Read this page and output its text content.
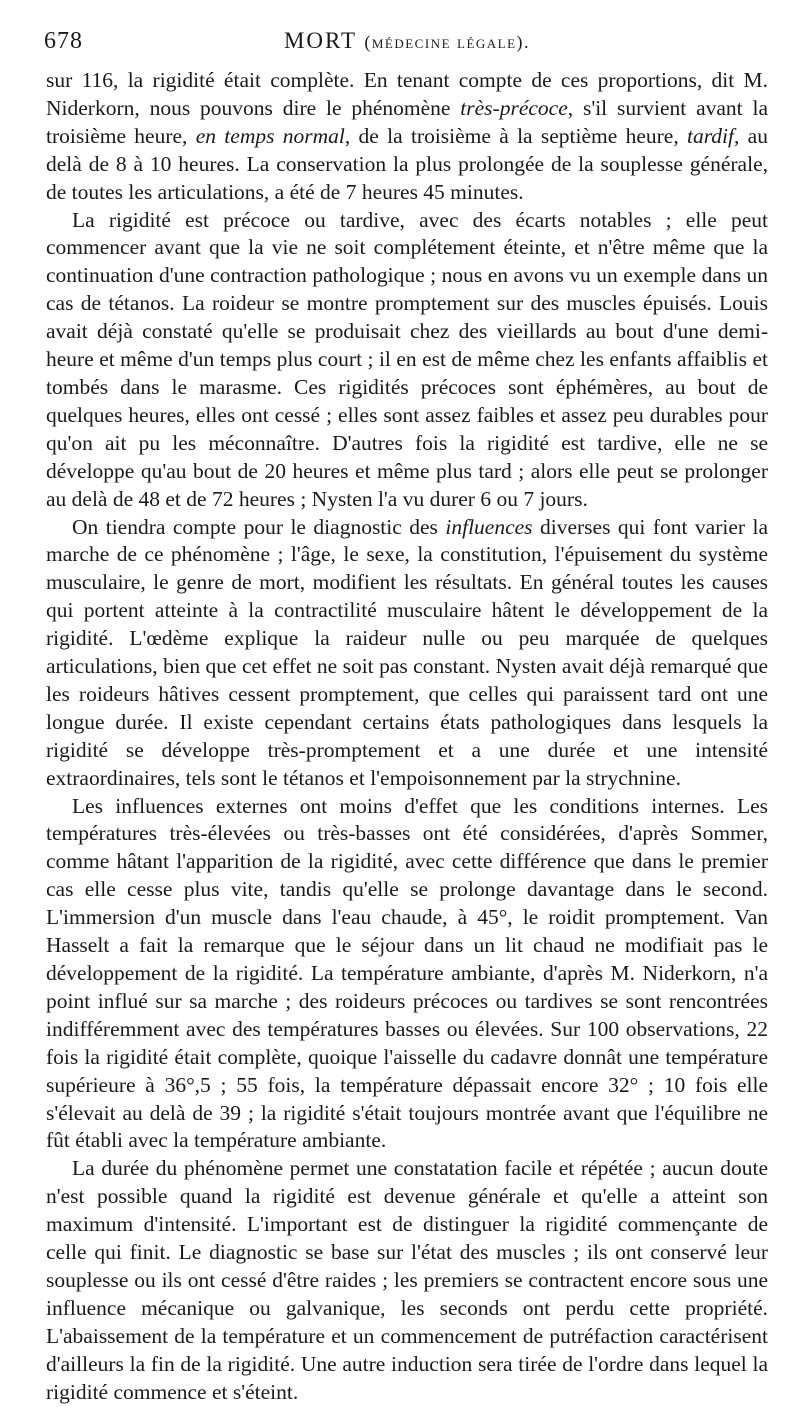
678	MORT (médecine légale).

sur 116, la rigidité était complète. En tenant compte de ces proportions, dit M. Niderkorn, nous pouvons dire le phénomène très-précoce, s'il survient avant la troisième heure, en temps normal, de la troisième à la septième heure, tardif, au delà de 8 à 10 heures. La conservation la plus prolongée de la souplesse générale, de toutes les articulations, a été de 7 heures 45 minutes.

La rigidité est précoce ou tardive, avec des écarts notables ; elle peut commencer avant que la vie ne soit complétement éteinte, et n'être même que la continuation d'une contraction pathologique ; nous en avons vu un exemple dans un cas de tétanos. La roideur se montre promptement sur des muscles épuisés. Louis avait déjà constaté qu'elle se produisait chez des vieillards au bout d'une demi-heure et même d'un temps plus court ; il en est de même chez les enfants affaiblis et tombés dans le marasme. Ces rigidités précoces sont éphémères, au bout de quelques heures, elles ont cessé ; elles sont assez faibles et assez peu durables pour qu'on ait pu les méconnaître. D'autres fois la rigidité est tardive, elle ne se développe qu'au bout de 20 heures et même plus tard ; alors elle peut se prolonger au delà de 48 et de 72 heures ; Nysten l'a vu durer 6 ou 7 jours.

On tiendra compte pour le diagnostic des influences diverses qui font varier la marche de ce phénomène ; l'âge, le sexe, la constitution, l'épuisement du système musculaire, le genre de mort, modifient les résultats. En général toutes les causes qui portent atteinte à la contractilité musculaire hâtent le développement de la rigidité. L'œdème explique la raideur nulle ou peu marquée de quelques articulations, bien que cet effet ne soit pas constant. Nysten avait déjà remarqué que les roideurs hâtives cessent promptement, que celles qui paraissent tard ont une longue durée. Il existe cependant certains états pathologiques dans lesquels la rigidité se développe très-promptement et a une durée et une intensité extraordinaires, tels sont le tétanos et l'empoisonnement par la strychnine.

Les influences externes ont moins d'effet que les conditions internes. Les températures très-élevées ou très-basses ont été considérées, d'après Sommer, comme hâtant l'apparition de la rigidité, avec cette différence que dans le premier cas elle cesse plus vite, tandis qu'elle se prolonge davantage dans le second. L'immersion d'un muscle dans l'eau chaude, à 45°, le roidit promptement. Van Hasselt a fait la remarque que le séjour dans un lit chaud ne modifiait pas le développement de la rigidité. La température ambiante, d'après M. Niderkorn, n'a point influé sur sa marche ; des roideurs précoces ou tardives se sont rencontrées indifféremment avec des températures basses ou élevées. Sur 100 observations, 22 fois la rigidité était complète, quoique l'aisselle du cadavre donnât une température supérieure à 36°,5 ; 55 fois, la température dépassait encore 32° ; 10 fois elle s'élevait au delà de 39 ; la rigidité s'était toujours montrée avant que l'équilibre ne fût établi avec la température ambiante.

La durée du phénomène permet une constatation facile et répétée ; aucun doute n'est possible quand la rigidité est devenue générale et qu'elle a atteint son maximum d'intensité. L'important est de distinguer la rigidité commençante de celle qui finit. Le diagnostic se base sur l'état des muscles ; ils ont conservé leur souplesse ou ils ont cessé d'être raides ; les premiers se contractent encore sous une influence mécanique ou galvanique, les seconds ont perdu cette propriété. L'abaissement de la température et un commencement de putréfaction caractérisent d'ailleurs la fin de la rigidité. Une autre induction sera tirée de l'ordre dans lequel la rigidité commence et s'éteint.
